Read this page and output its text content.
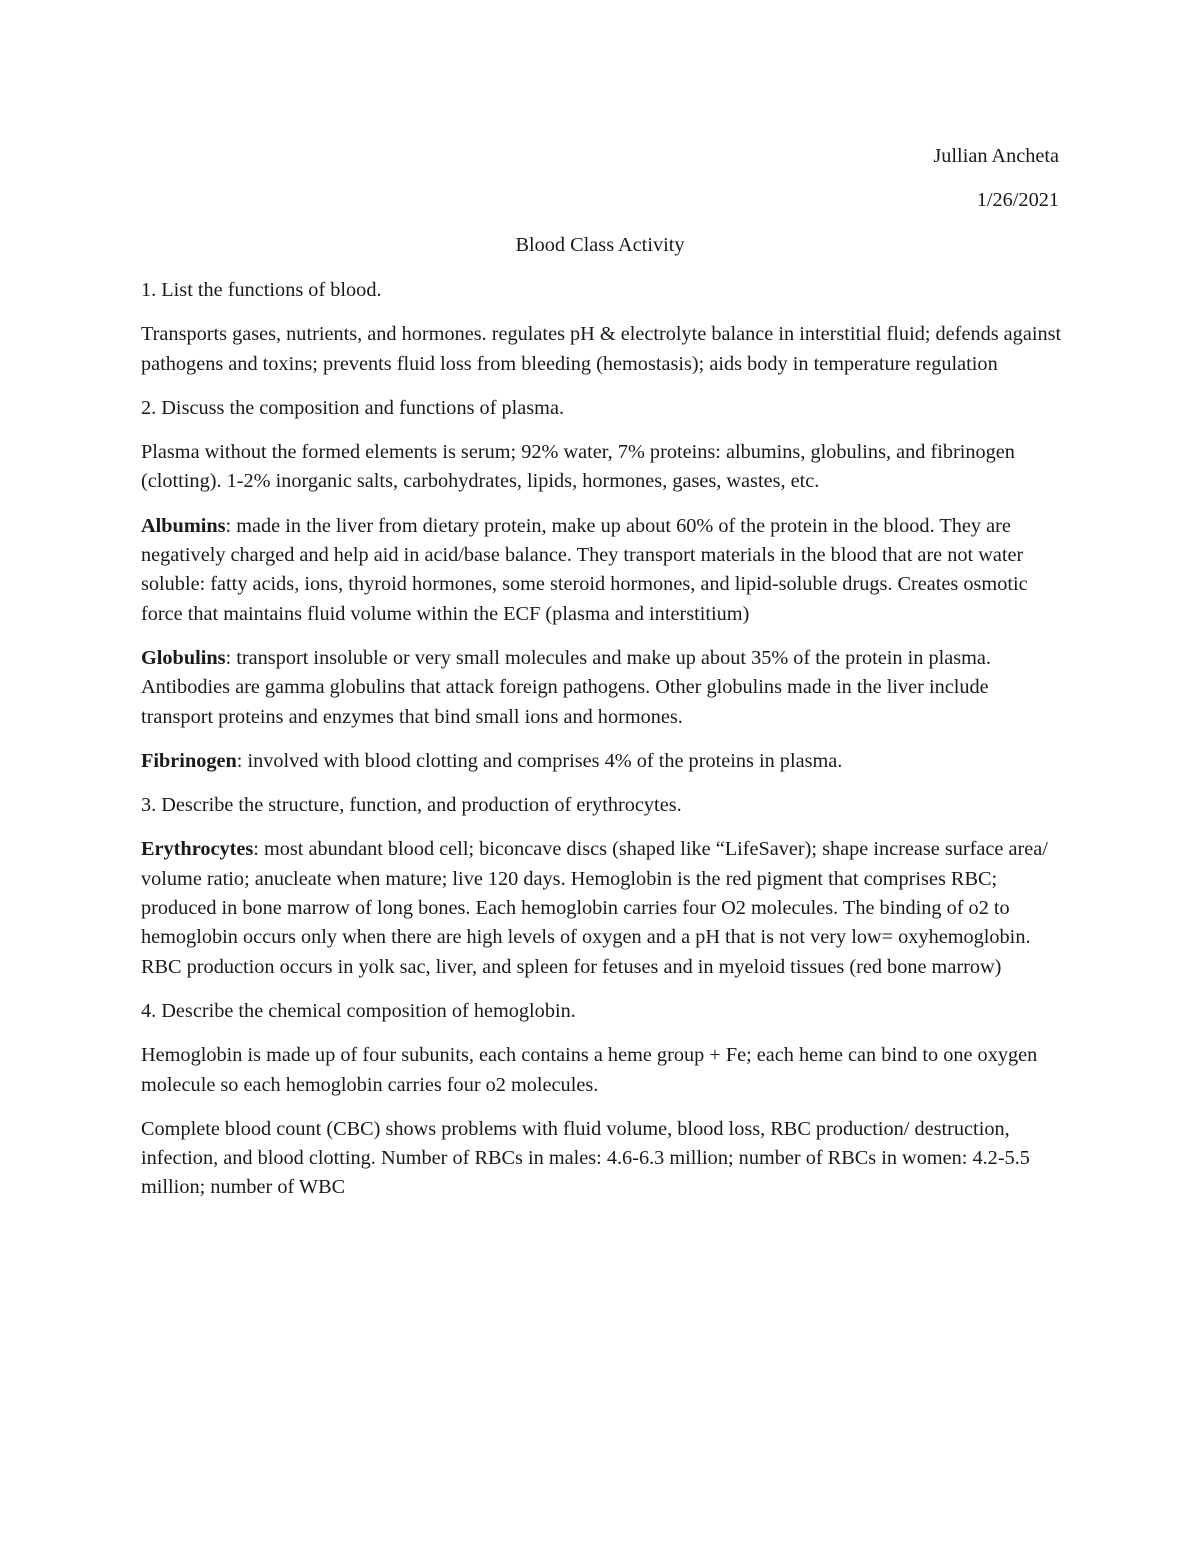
Jullian Ancheta
1/26/2021
Blood Class Activity

1. List the functions of blood.

Transports gases, nutrients, and hormones. regulates pH & electrolyte balance in interstitial fluid; defends against pathogens and toxins; prevents fluid loss from bleeding (hemostasis); aids body in temperature regulation

2. Discuss the composition and functions of plasma.

Plasma without the formed elements is serum; 92% water, 7% proteins: albumins, globulins, and fibrinogen (clotting). 1-2% inorganic salts, carbohydrates, lipids, hormones, gases, wastes, etc.

Albumins: made in the liver from dietary protein, make up about 60% of the protein in the blood. They are negatively charged and help aid in acid/base balance. They transport materials in the blood that are not water soluble: fatty acids, ions, thyroid hormones, some steroid hormones, and lipid-soluble drugs. Creates osmotic force that maintains fluid volume within the ECF (plasma and interstitium)

Globulins: transport insoluble or very small molecules and make up about 35% of the protein in plasma. Antibodies are gamma globulins that attack foreign pathogens. Other globulins made in the liver include transport proteins and enzymes that bind small ions and hormones.

Fibrinogen: involved with blood clotting and comprises 4% of the proteins in plasma.

3. Describe the structure, function, and production of erythrocytes.

Erythrocytes: most abundant blood cell; biconcave discs (shaped like “LifeSaver); shape increase surface area/ volume ratio; anucleate when mature; live 120 days. Hemoglobin is the red pigment that comprises RBC; produced in bone marrow of long bones. Each hemoglobin carries four O2 molecules. The binding of o2 to hemoglobin occurs only when there are high levels of oxygen and a pH that is not very low= oxyhemoglobin. RBC production occurs in yolk sac, liver, and spleen for fetuses and in myeloid tissues (red bone marrow)

4. Describe the chemical composition of hemoglobin.

Hemoglobin is made up of four subunits, each contains a heme group + Fe; each heme can bind to one oxygen molecule so each hemoglobin carries four o2 molecules.

Complete blood count (CBC) shows problems with fluid volume, blood loss, RBC production/ destruction, infection, and blood clotting. Number of RBCs in males: 4.6-6.3 million; number of RBCs in women: 4.2-5.5 million; number of WBC
